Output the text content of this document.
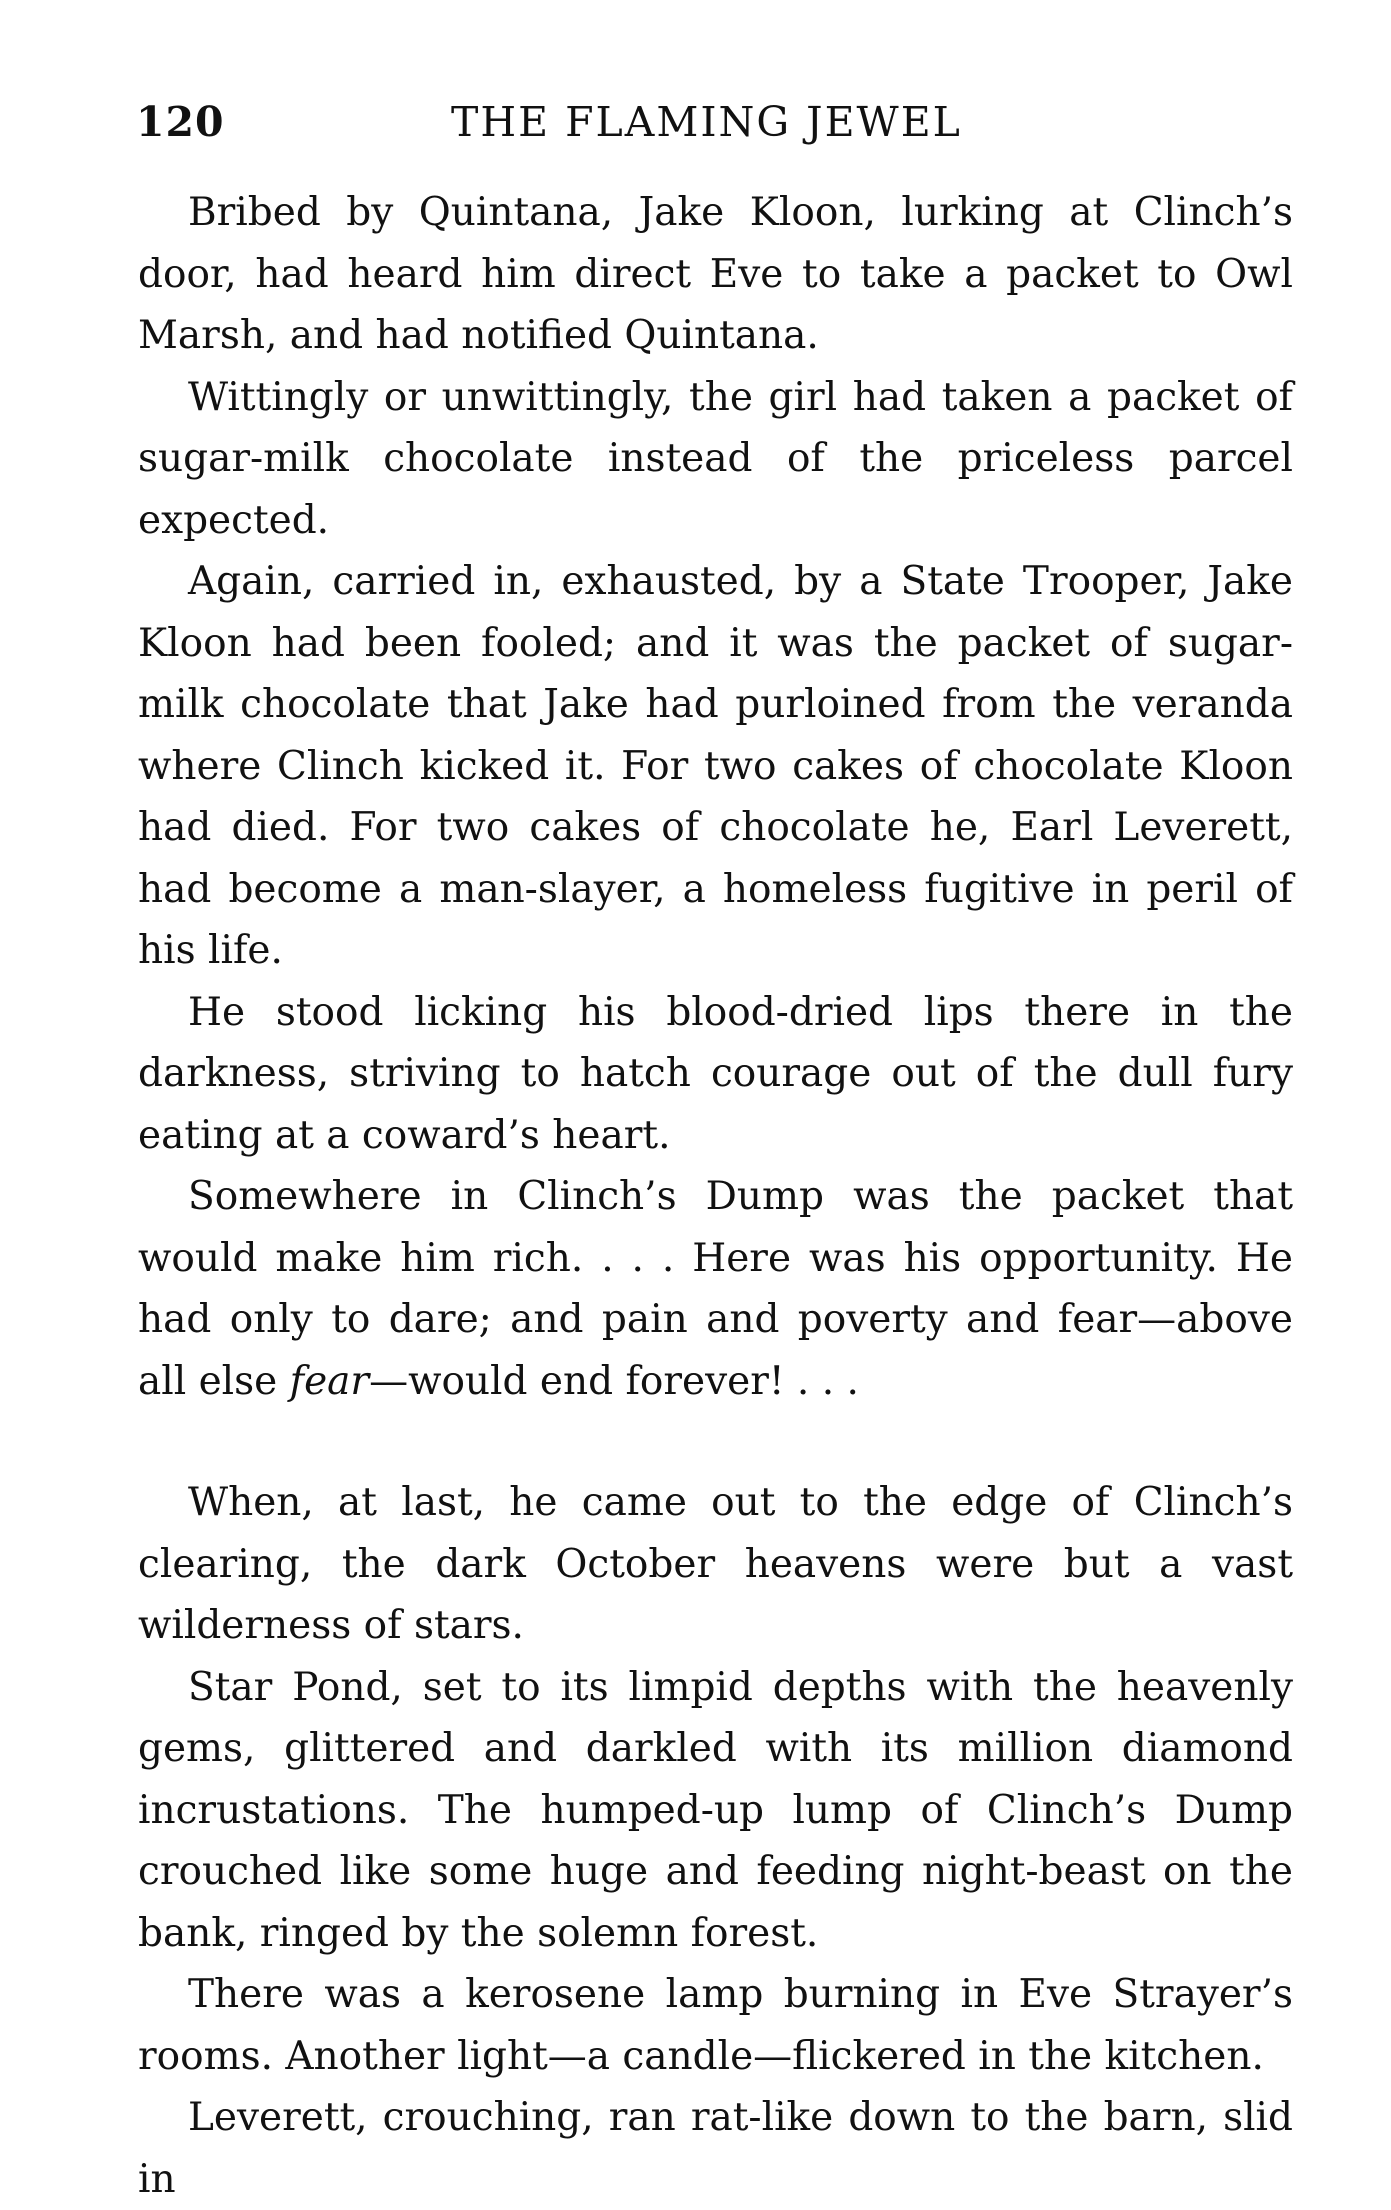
120	THE FLAMING JEWEL

Bribed by Quintana, Jake Kloon, lurking at Clinch’s door, had heard him direct Eve to take a packet to Owl Marsh, and had notified Quintana.

Wittingly or unwittingly, the girl had taken a packet of sugar-milk chocolate instead of the priceless parcel expected.

Again, carried in, exhausted, by a State Trooper, Jake Kloon had been fooled; and it was the packet of sugar-milk chocolate that Jake had purloined from the veranda where Clinch kicked it. For two cakes of chocolate Kloon had died. For two cakes of chocolate he, Earl Leverett, had become a man-slayer, a homeless fugitive in peril of his life.

He stood licking his blood-dried lips there in the darkness, striving to hatch courage out of the dull fury eating at a coward’s heart.

Somewhere in Clinch’s Dump was the packet that would make him rich. . . . Here was his opportunity. He had only to dare; and pain and poverty and fear—above all else fear—would end forever! . . .

When, at last, he came out to the edge of Clinch’s clearing, the dark October heavens were but a vast wilderness of stars.

Star Pond, set to its limpid depths with the heavenly gems, glittered and darkled with its million diamond incrustations. The humped-up lump of Clinch’s Dump crouched like some huge and feeding night-beast on the bank, ringed by the solemn forest.

There was a kerosene lamp burning in Eve Strayer’s rooms. Another light—a candle—flickered in the kitchen.

Leverett, crouching, ran rat-like down to the barn, slid in
